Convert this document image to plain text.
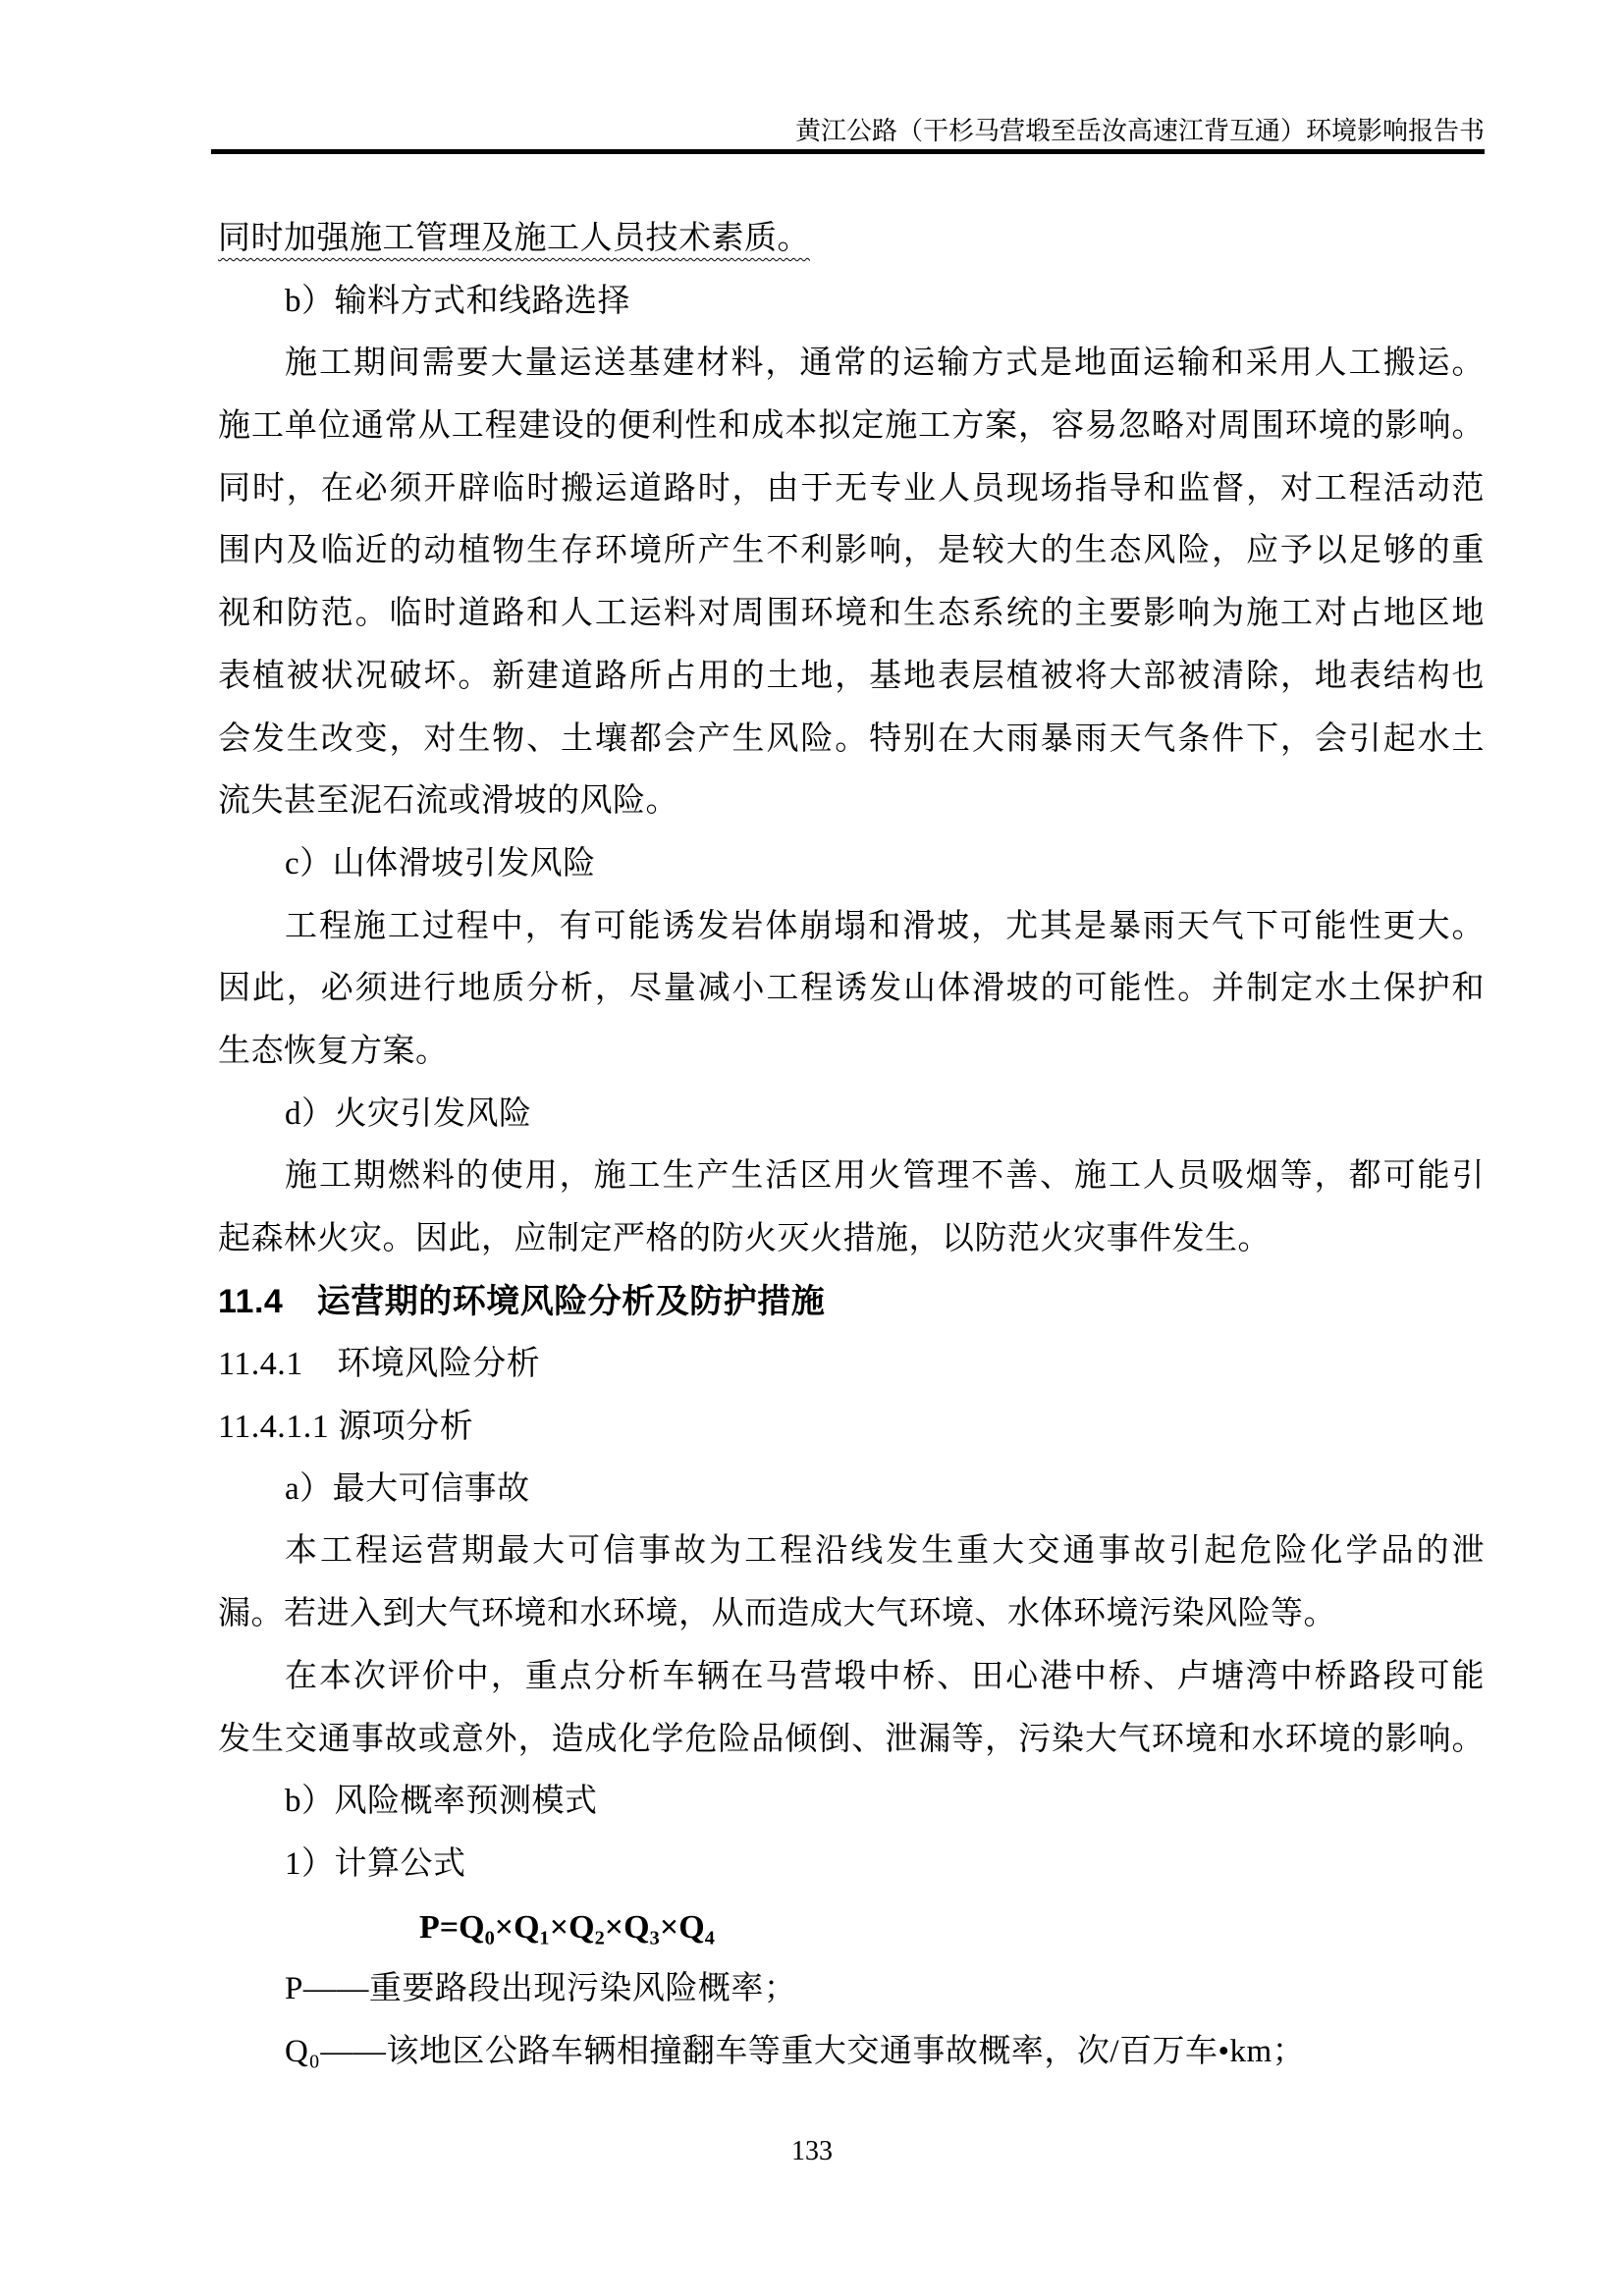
黄江公路（干杉马营塅至岳汝高速江背互通）环境影响报告书
同时加强施工管理及施工人员技术素质。
b）输料方式和线路选择
施工期间需要大量运送基建材料，通常的运输方式是地面运输和采用人工搬运。
施工单位通常从工程建设的便利性和成本拟定施工方案，容易忽略对周围环境的影响。
同时，在必须开辟临时搬运道路时，由于无专业人员现场指导和监督，对工程活动范
围内及临近的动植物生存环境所产生不利影响，是较大的生态风险，应予以足够的重
视和防范。临时道路和人工运料对周围环境和生态系统的主要影响为施工对占地区地
表植被状况破坏。新建道路所占用的土地，基地表层植被将大部被清除，地表结构也
会发生改变，对生物、土壤都会产生风险。特别在大雨暴雨天气条件下，会引起水土
流失甚至泥石流或滑坡的风险。
c）山体滑坡引发风险
工程施工过程中，有可能诱发岩体崩塌和滑坡，尤其是暴雨天气下可能性更大。
因此，必须进行地质分析，尽量减小工程诱发山体滑坡的可能性。并制定水土保护和
生态恢复方案。
d）火灾引发风险
施工期燃料的使用，施工生产生活区用火管理不善、施工人员吸烟等，都可能引
起森林火灾。因此，应制定严格的防火灭火措施，以防范火灾事件发生。
11.4　运营期的环境风险分析及防护措施
11.4.1　环境风险分析
11.4.1.1 源项分析
a）最大可信事故
本工程运营期最大可信事故为工程沿线发生重大交通事故引起危险化学品的泄
漏。若进入到大气环境和水环境，从而造成大气环境、水体环境污染风险等。
在本次评价中，重点分析车辆在马营塅中桥、田心港中桥、卢塘湾中桥路段可能
发生交通事故或意外，造成化学危险品倾倒、泄漏等，污染大气环境和水环境的影响。
b）风险概率预测模式
1）计算公式
P=Q₀×Q₁×Q₂×Q₃×Q₄
P——重要路段出现污染风险概率；
Q₀——该地区公路车辆相撞翻车等重大交通事故概率，次/百万车•km；
133
